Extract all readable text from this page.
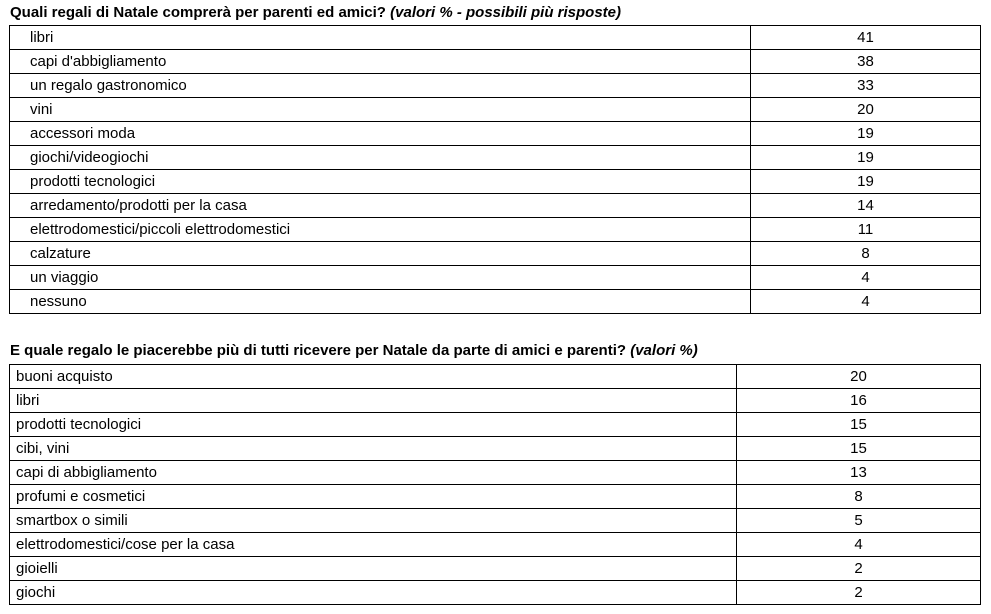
Quali regali di Natale comprerà per parenti ed amici? (valori % - possibili più risposte)
libri	41
capi d'abbigliamento	38
un regalo gastronomico	33
vini	20
accessori moda	19
giochi/videogiochi	19
prodotti tecnologici	19
arredamento/prodotti per la casa	14
elettrodomestici/piccoli elettrodomestici	11
calzature	8
un viaggio	4
nessuno	4
E quale regalo le piacerebbe più di tutti ricevere per Natale da parte di amici e parenti? (valori %)
buoni acquisto	20
libri	16
prodotti tecnologici	15
cibi, vini	15
capi di abbigliamento	13
profumi e cosmetici	8
smartbox o simili	5
elettrodomestici/cose per la casa	4
gioielli	2
giochi	2
